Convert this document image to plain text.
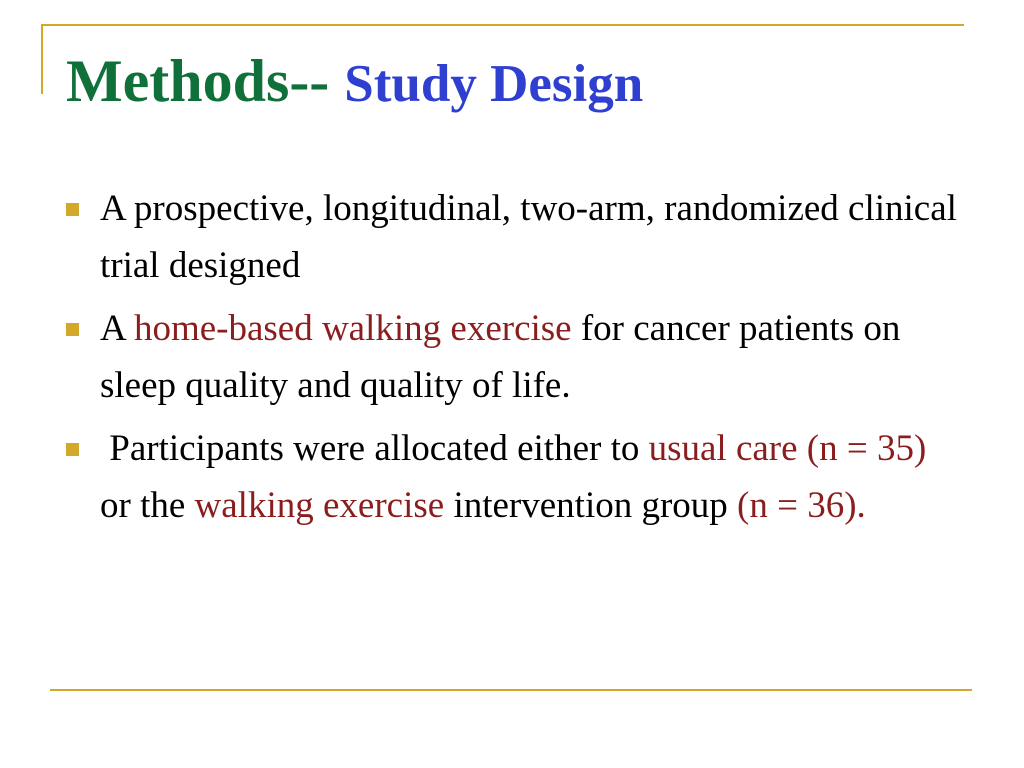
Methods-- Study Design
A prospective, longitudinal, two-arm, randomized clinical trial designed
A home-based walking exercise for cancer patients on sleep quality and quality of life.
Participants were allocated either to usual care (n = 35) or the walking exercise intervention group (n = 36).
